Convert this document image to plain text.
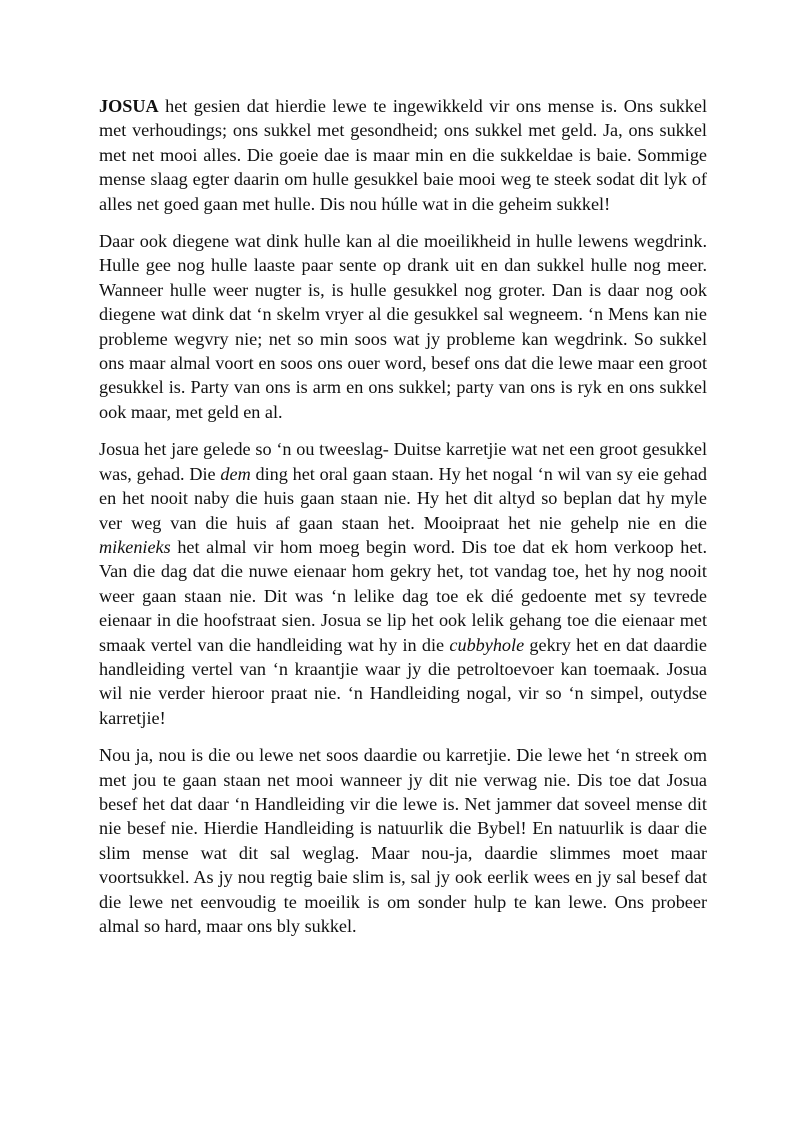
JOSUA het gesien dat hierdie lewe te ingewikkeld vir ons mense is. Ons sukkel met verhoudings; ons sukkel met gesondheid; ons sukkel met geld. Ja, ons sukkel met net mooi alles. Die goeie dae is maar min en die sukkeldae is baie. Sommige mense slaag egter daarin om hulle gesukkel baie mooi weg te steek sodat dit lyk of alles net goed gaan met hulle. Dis nou húlle wat in die geheim sukkel!

Daar ook diegene wat dink hulle kan al die moeilikheid in hulle lewens wegdrink. Hulle gee nog hulle laaste paar sente op drank uit en dan sukkel hulle nog meer. Wanneer hulle weer nugter is, is hulle gesukkel nog groter. Dan is daar nog ook diegene wat dink dat ‘n skelm vryer al die gesukkel sal wegneem. ‘n Mens kan nie probleme wegvry nie; net so min soos wat jy probleme kan wegdrink. So sukkel ons maar almal voort en soos ons ouer word, besef ons dat die lewe maar een groot gesukkel is. Party van ons is arm en ons sukkel; party van ons is ryk en ons sukkel ook maar, met geld en al.

Josua het jare gelede so ‘n ou tweeslag- Duitse karretjie wat net een groot gesukkel was, gehad. Die dem ding het oral gaan staan. Hy het nogal ‘n wil van sy eie gehad en het nooit naby die huis gaan staan nie. Hy het dit altyd so beplan dat hy myle ver weg van die huis af gaan staan het. Mooipraat het nie gehelp nie en die mikenieks het almal vir hom moeg begin word. Dis toe dat ek hom verkoop het. Van die dag dat die nuwe eienaar hom gekry het, tot vandag toe, het hy nog nooit weer gaan staan nie. Dit was ‘n lelike dag toe ek dié gedoente met sy tevrede eienaar in die hoofstraat sien. Josua se lip het ook lelik gehang toe die eienaar met smaak vertel van die handleiding wat hy in die cubbyhole gekry het en dat daardie handleiding vertel van ‘n kraantjie waar jy die petroltoevoer kan toemaak. Josua wil nie verder hieroor praat nie. ‘n Handleiding nogal, vir so ‘n simpel, outydse karretjie!

Nou ja, nou is die ou lewe net soos daardie ou karretjie. Die lewe het ‘n streek om met jou te gaan staan net mooi wanneer jy dit nie verwag nie. Dis toe dat Josua besef het dat daar ‘n Handleiding vir die lewe is. Net jammer dat soveel mense dit nie besef nie. Hierdie Handleiding is natuurlik die Bybel! En natuurlik is daar die slim mense wat dit sal weglag. Maar nou-ja, daardie slimmes moet maar voortsukkel. As jy nou regtig baie slim is, sal jy ook eerlik wees en jy sal besef dat die lewe net eenvoudig te moeilik is om sonder hulp te kan lewe. Ons probeer almal so hard, maar ons bly sukkel.
